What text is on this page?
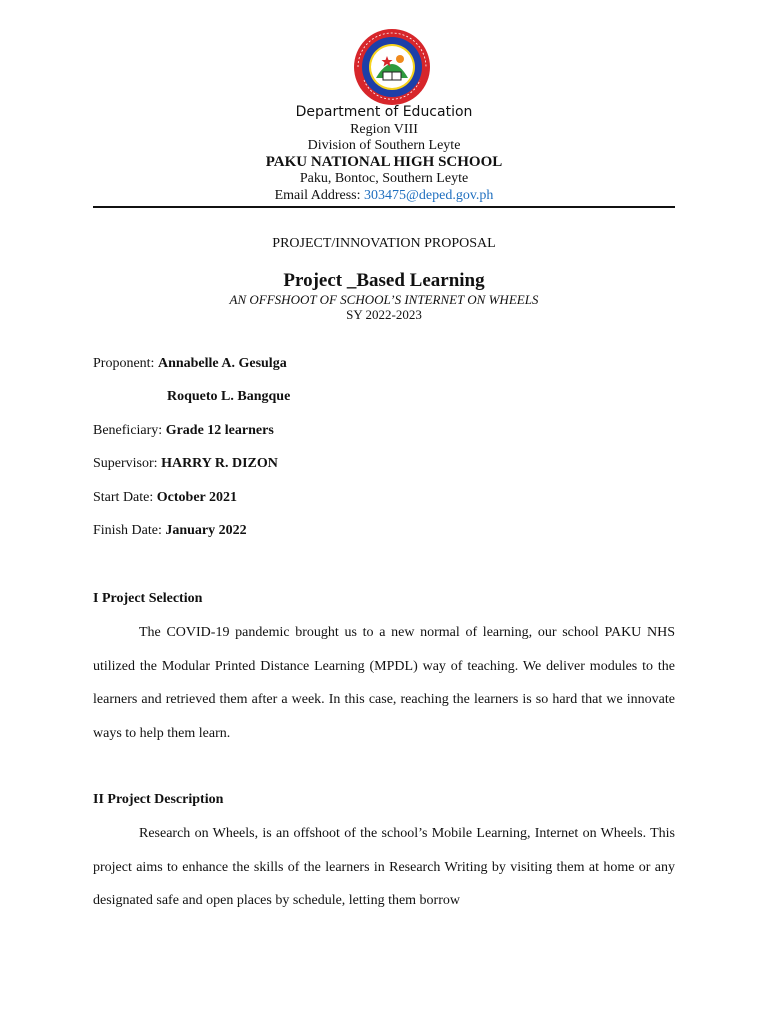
Department of Education
Region VIII
Division of Southern Leyte
PAKU NATIONAL HIGH SCHOOL
Paku, Bontoc, Southern Leyte
Email Address: 303475@deped.gov.ph
PROJECT/INNOVATION PROPOSAL
Project _Based Learning
AN OFFSHOOT OF SCHOOL’S INTERNET ON WHEELS
SY 2022-2023
Proponent: Annabelle A. Gesulga
Roqueto L. Bangque
Beneficiary: Grade 12 learners
Supervisor: HARRY R. DIZON
Start Date: October 2021
Finish Date: January 2022
I Project Selection
The COVID-19 pandemic brought us to a new normal of learning, our school PAKU NHS utilized the Modular Printed Distance Learning (MPDL) way of teaching. We deliver modules to the learners and retrieved them after a week. In this case, reaching the learners is so hard that we innovate ways to help them learn.
II Project Description
Research on Wheels, is an offshoot of the school’s Mobile Learning, Internet on Wheels. This project aims to enhance the skills of the learners in Research Writing by visiting them at home or any designated safe and open places by schedule, letting them borrow
